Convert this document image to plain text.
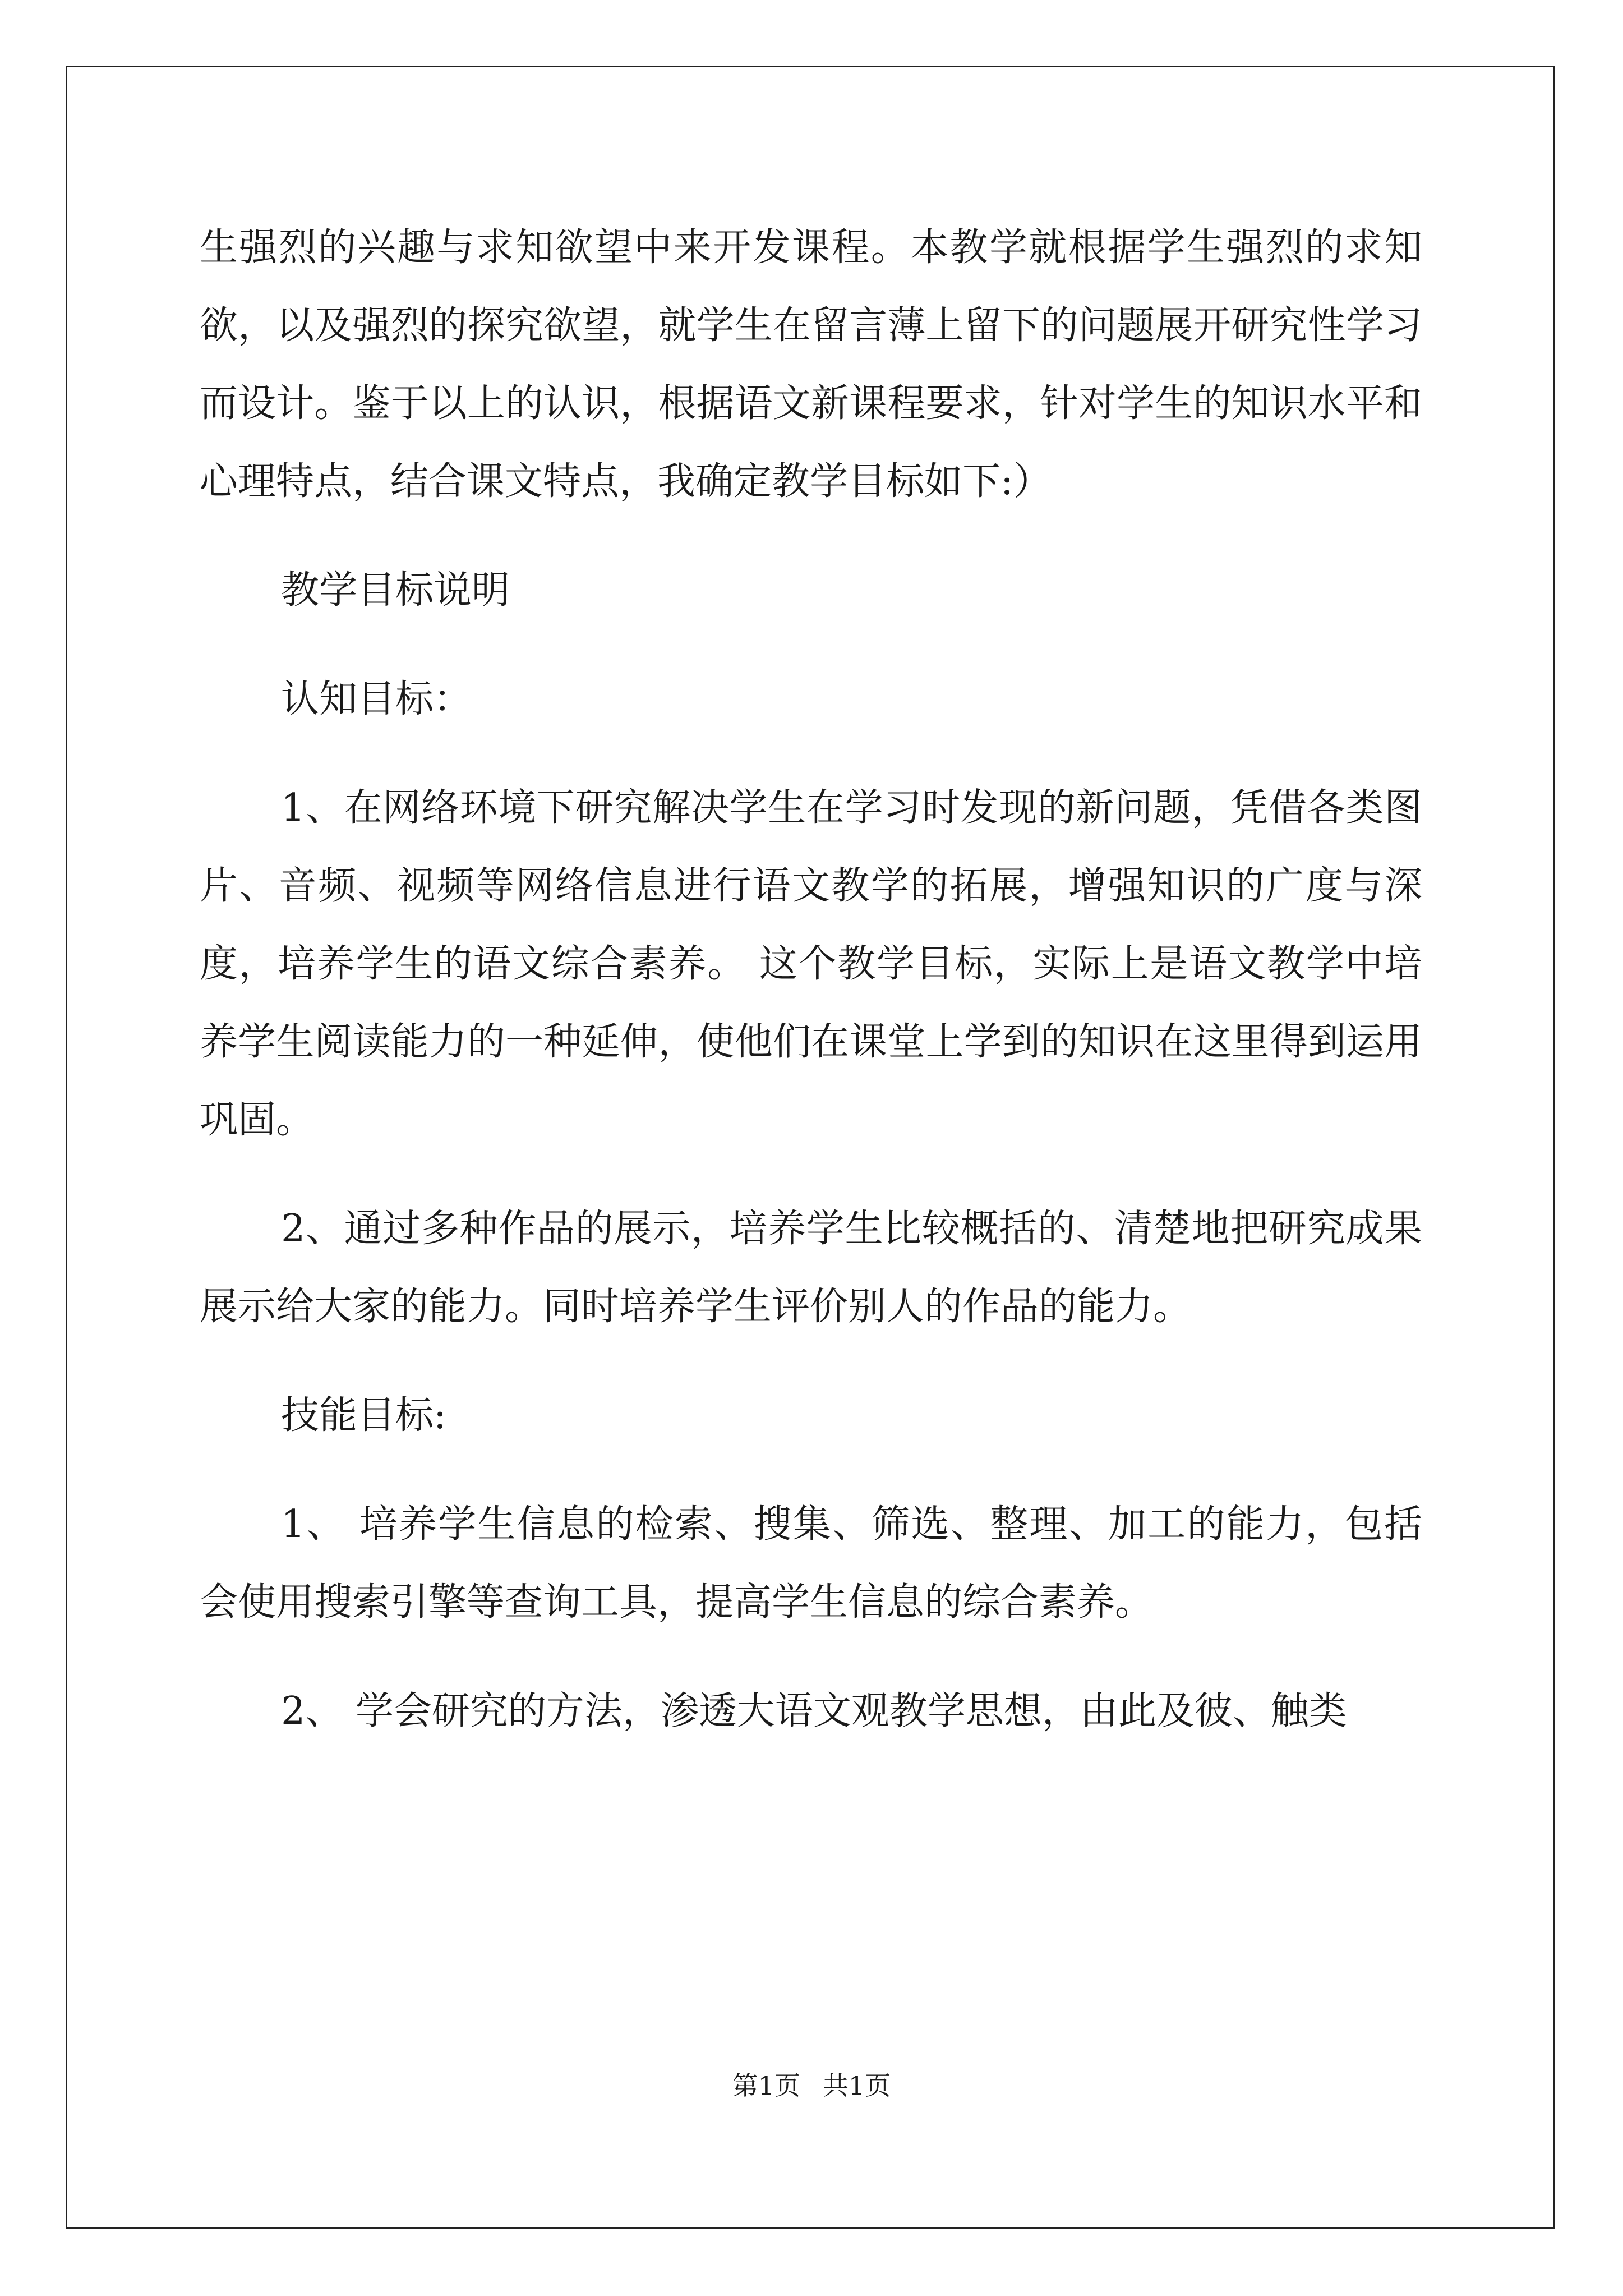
生强烈的兴趣与求知欲望中来开发课程。本教学就根据学生强烈的求知欲，以及强烈的探究欲望，就学生在留言薄上留下的问题展开研究性学习而设计。鉴于以上的认识，根据语文新课程要求，针对学生的知识水平和心理特点，结合课文特点，我确定教学目标如下:）

教学目标说明

认知目标：

1、在网络环境下研究解决学生在学习时发现的新问题，凭借各类图片、音频、视频等网络信息进行语文教学的拓展，增强知识的广度与深度，培养学生的语文综合素养。 这个教学目标，实际上是语文教学中培养学生阅读能力的一种延伸，使他们在课堂上学到的知识在这里得到运用巩固。

2、通过多种作品的展示，培养学生比较概括的、清楚地把研究成果展示给大家的能力。同时培养学生评价别人的作品的能力。

技能目标:

1、 培养学生信息的检索、搜集、筛选、整理、加工的能力，包括会使用搜索引擎等查询工具，提高学生信息的综合素养。

2、 学会研究的方法，渗透大语文观教学思想，由此及彼、触类

第1页 共1页
